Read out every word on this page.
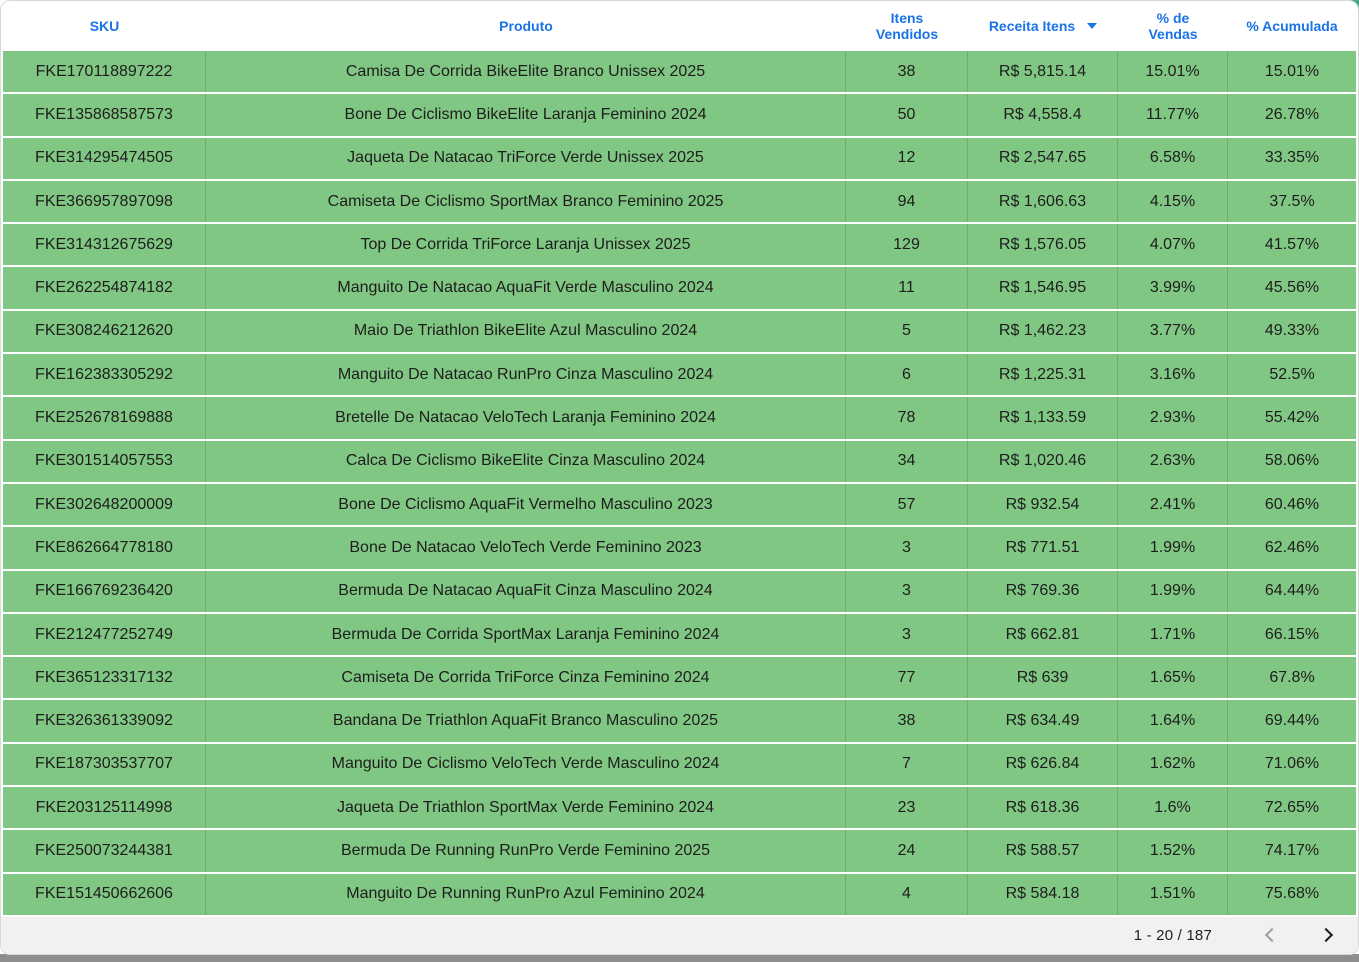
SKU	Produto	Itens Vendidos	Receita Itens	% de Vendas	% Acumulada
FKE170118897222	Camisa De Corrida BikeElite Branco Unissex 2025	38	R$ 5,815.14	15.01%	15.01%
FKE135868587573	Bone De Ciclismo BikeElite Laranja Feminino 2024	50	R$ 4,558.4	11.77%	26.78%
FKE314295474505	Jaqueta De Natacao TriForce Verde Unissex 2025	12	R$ 2,547.65	6.58%	33.35%
FKE366957897098	Camiseta De Ciclismo SportMax Branco Feminino 2025	94	R$ 1,606.63	4.15%	37.5%
FKE314312675629	Top De Corrida TriForce Laranja Unissex 2025	129	R$ 1,576.05	4.07%	41.57%
FKE262254874182	Manguito De Natacao AquaFit Verde Masculino 2024	11	R$ 1,546.95	3.99%	45.56%
FKE308246212620	Maio De Triathlon BikeElite Azul Masculino 2024	5	R$ 1,462.23	3.77%	49.33%
FKE162383305292	Manguito De Natacao RunPro Cinza Masculino 2024	6	R$ 1,225.31	3.16%	52.5%
FKE252678169888	Bretelle De Natacao VeloTech Laranja Feminino 2024	78	R$ 1,133.59	2.93%	55.42%
FKE301514057553	Calca De Ciclismo BikeElite Cinza Masculino 2024	34	R$ 1,020.46	2.63%	58.06%
FKE302648200009	Bone De Ciclismo AquaFit Vermelho Masculino 2023	57	R$ 932.54	2.41%	60.46%
FKE862664778180	Bone De Natacao VeloTech Verde Feminino 2023	3	R$ 771.51	1.99%	62.46%
FKE166769236420	Bermuda De Natacao AquaFit Cinza Masculino 2024	3	R$ 769.36	1.99%	64.44%
FKE212477252749	Bermuda De Corrida SportMax Laranja Feminino 2024	3	R$ 662.81	1.71%	66.15%
FKE365123317132	Camiseta De Corrida TriForce Cinza Feminino 2024	77	R$ 639	1.65%	67.8%
FKE326361339092	Bandana De Triathlon AquaFit Branco Masculino 2025	38	R$ 634.49	1.64%	69.44%
FKE187303537707	Manguito De Ciclismo VeloTech Verde Masculino 2024	7	R$ 626.84	1.62%	71.06%
FKE203125114998	Jaqueta De Triathlon SportMax Verde Feminino 2024	23	R$ 618.36	1.6%	72.65%
FKE250073244381	Bermuda De Running RunPro Verde Feminino 2025	24	R$ 588.57	1.52%	74.17%
FKE151450662606	Manguito De Running RunPro Azul Feminino 2024	4	R$ 584.18	1.51%	75.68%
1 - 20 / 187
